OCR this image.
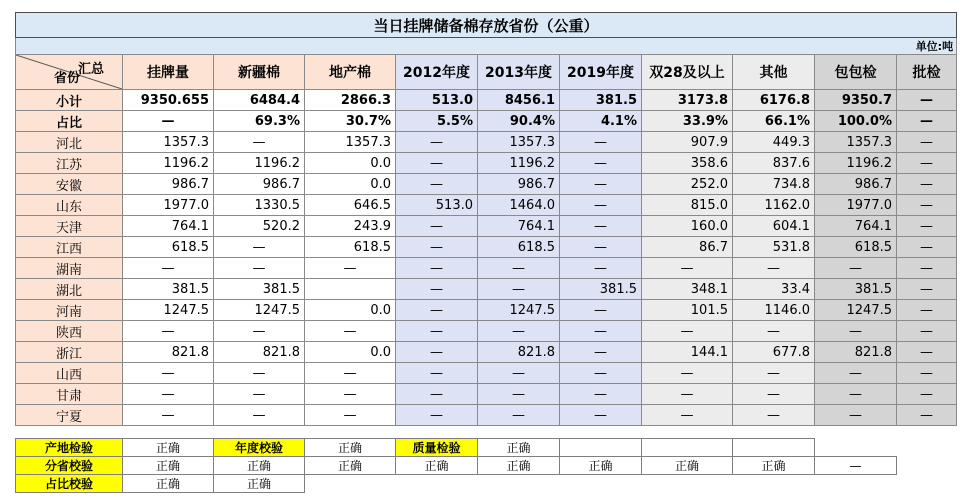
当日挂牌储备棉存放省份（公重）										
单位:吨										

汇总
省份	挂牌量	新疆棉	地产棉	2012年度	2013年度	2019年度	双28及以上	其他	包包检	批检
小计	9350.655	6484.4	2866.3	513.0	8456.1	381.5	3173.8	6176.8	9350.7	—
占比	—	69.3%	30.7%	5.5%	90.4%	4.1%	33.9%	66.1%	100.0%	—
河北	1357.3	—	1357.3	—	1357.3	—	907.9	449.3	1357.3	—
江苏	1196.2	1196.2	0.0	—	1196.2	—	358.6	837.6	1196.2	—
安徽	986.7	986.7	0.0	—	986.7	—	252.0	734.8	986.7	—
山东	1977.0	1330.5	646.5	513.0	1464.0	—	815.0	1162.0	1977.0	—
天津	764.1	520.2	243.9	—	764.1	—	160.0	604.1	764.1	—
江西	618.5	—	618.5	—	618.5	—	86.7	531.8	618.5	—
湖南	—	—	—	—	—	—	—	—	—	—
湖北	381.5	381.5		—	—	381.5	348.1	33.4	381.5	—
河南	1247.5	1247.5	0.0	—	1247.5	—	101.5	1146.0	1247.5	—
陕西	—	—	—	—	—	—	—	—	—	—
浙江	821.8	821.8	0.0	—	821.8	—	144.1	677.8	821.8	—
山西	—	—	—	—	—	—	—	—	—	—
甘肃	—	—	—	—	—	—	—	—	—	—
宁夏	—	—	—	—	—	—	—	—	—	—
产地检验	正确	年度校验	正确	质量检验	正确					
分省校验	正确	正确	正确	正确	正确	正确	正确	正确	—	
占比校验	正确	正确								
